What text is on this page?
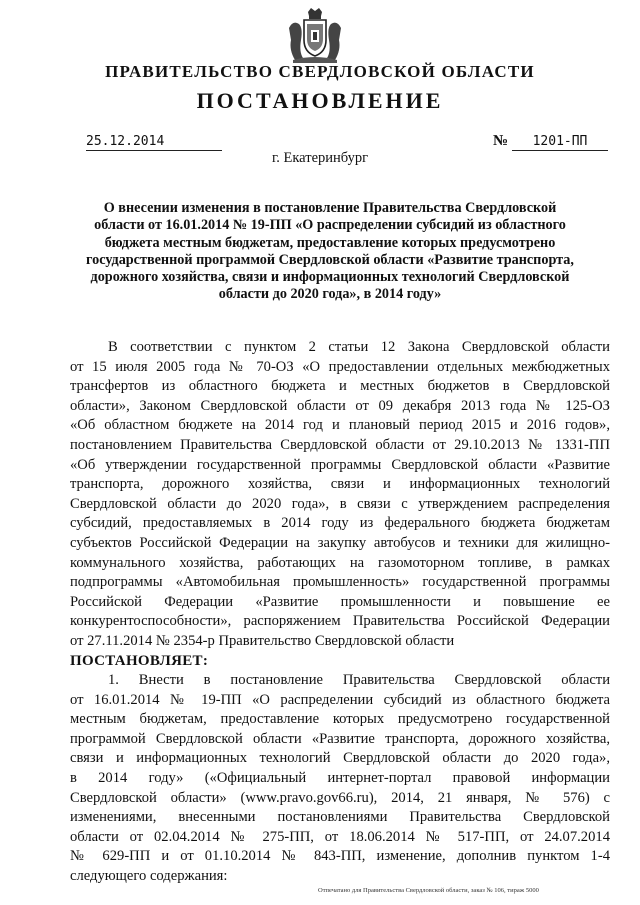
ПРАВИТЕЛЬСТВО СВЕРДЛОВСКОЙ ОБЛАСТИ
ПОСТАНОВЛЕНИЕ
25.12.2014	№	1201-ПП
г. Екатеринбург
О внесении изменения в постановление Правительства Свердловской
области от 16.01.2014 № 19-ПП «О распределении субсидий из областного
бюджета местным бюджетам, предоставление которых предусмотрено
государственной программой Свердловской области «Развитие транспорта,
дорожного хозяйства, связи и информационных технологий Свердловской
области до 2020 года», в 2014 году»
В соответствии с пунктом 2 статьи 12 Закона Свердловской области
от 15 июля 2005 года № 70-ОЗ «О предоставлении отдельных межбюджетных
трансфертов из областного бюджета и местных бюджетов в Свердловской
области», Законом Свердловской области от 09 декабря 2013 года № 125-ОЗ
«Об областном бюджете на 2014 год и плановый период 2015 и 2016 годов»,
постановлением Правительства Свердловской области от 29.10.2013 № 1331-ПП
«Об утверждении государственной программы Свердловской области «Развитие
транспорта, дорожного хозяйства, связи и информационных технологий
Свердловской области до 2020 года», в связи с утверждением распределения
субсидий, предоставляемых в 2014 году из федерального бюджета бюджетам
субъектов Российской Федерации на закупку автобусов и техники для жилищно-
коммунального хозяйства, работающих на газомоторном топливе, в рамках
подпрограммы «Автомобильная промышленность» государственной программы
Российской Федерации «Развитие промышленности и повышение ее
конкурентоспособности», распоряжением Правительства Российской Федерации
от 27.11.2014 № 2354-р Правительство Свердловской области
ПОСТАНОВЛЯЕТ:
1. Внести в постановление Правительства Свердловской области
от 16.01.2014 № 19-ПП «О распределении субсидий из областного бюджета
местным бюджетам, предоставление которых предусмотрено государственной
программой Свердловской области «Развитие транспорта, дорожного хозяйства,
связи и информационных технологий Свердловской области до 2020 года»,
в 2014 году» («Официальный интернет-портал правовой информации
Свердловской области» (www.pravo.gov66.ru), 2014, 21 января, № 576) с
изменениями, внесенными постановлениями Правительства Свердловской
области от 02.04.2014 № 275-ПП, от 18.06.2014 № 517-ПП, от 24.07.2014
№ 629-ПП и от 01.10.2014 № 843-ПП, изменение, дополнив пунктом 1-4
следующего содержания:
Отпечатано для Правительства Свердловской области, заказ № 106, тираж 5000
